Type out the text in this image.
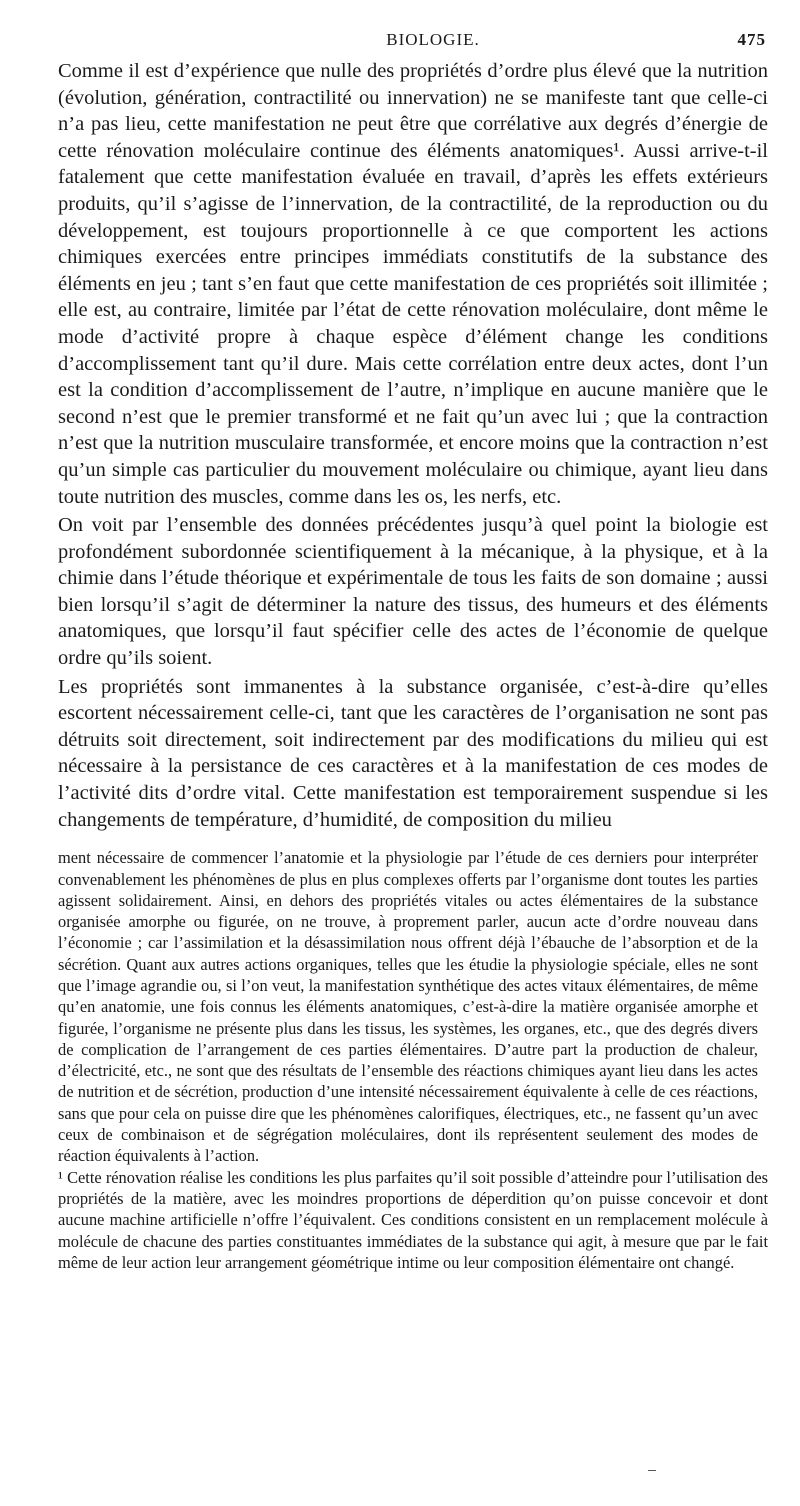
BIOLOGIE.	475

Comme il est d’expérience que nulle des propriétés d’ordre plus élevé que la nutrition (évolution, génération, contractilité ou innervation) ne se manifeste tant que celle-ci n’a pas lieu, cette manifestation ne peut être que corrélative aux degrés d’énergie de cette rénovation moléculaire continue des éléments anatomiques¹. Aussi arrive-t-il fatalement que cette manifestation évaluée en travail, d’après les effets extérieurs produits, qu’il s’agisse de l’innervation, de la contractilité, de la reproduction ou du développement, est toujours proportionnelle à ce que comportent les actions chimiques exercées entre principes immédiats constitutifs de la substance des éléments en jeu ; tant s’en faut que cette manifestation de ces propriétés soit illimitée ; elle est, au contraire, limitée par l’état de cette rénovation moléculaire, dont même le mode d’activité propre à chaque espèce d’élément change les conditions d’accomplissement tant qu’il dure. Mais cette corrélation entre deux actes, dont l’un est la condition d’accomplissement de l’autre, n’implique en aucune manière que le second n’est que le premier transformé et ne fait qu’un avec lui ; que la contraction n’est que la nutrition musculaire transformée, et encore moins que la contraction n’est qu’un simple cas particulier du mouvement moléculaire ou chimique, ayant lieu dans toute nutrition des muscles, comme dans les os, les nerfs, etc.

On voit par l’ensemble des données précédentes jusqu’à quel point la biologie est profondément subordonnée scientifiquement à la mécanique, à la physique, et à la chimie dans l’étude théorique et expérimentale de tous les faits de son domaine ; aussi bien lorsqu’il s’agit de déterminer la nature des tissus, des humeurs et des éléments anatomiques, que lorsqu’il faut spécifier celle des actes de l’économie de quelque ordre qu’ils soient.

Les propriétés sont immanentes à la substance organisée, c’est-à-dire qu’elles escortent nécessairement celle-ci, tant que les caractères de l’organisation ne sont pas détruits soit directement, soit indirectement par des modifications du milieu qui est nécessaire à la persistance de ces caractères et à la manifestation de ces modes de l’activité dits d’ordre vital. Cette manifestation est temporairement suspendue si les changements de température, d’humidité, de composition du milieu

ment nécessaire de commencer l’anatomie et la physiologie par l’étude de ces derniers pour interpréter convenablement les phénomènes de plus en plus complexes offerts par l’organisme dont toutes les parties agissent solidairement. Ainsi, en dehors des propriétés vitales ou actes élémentaires de la substance organisée amorphe ou figurée, on ne trouve, à proprement parler, aucun acte d’ordre nouveau dans l’économie ; car l’assimilation et la désassimilation nous offrent déjà l’ébauche de l’absorption et de la sécrétion. Quant aux autres actions organiques, telles que les étudie la physiologie spéciale, elles ne sont que l’image agrandie ou, si l’on veut, la manifestation synthétique des actes vitaux élémentaires, de même qu’en anatomie, une fois connus les éléments anatomiques, c’est-à-dire la matière organisée amorphe et figurée, l’organisme ne présente plus dans les tissus, les systèmes, les organes, etc., que des degrés divers de complication de l’arrangement de ces parties élémentaires. D’autre part la production de chaleur, d’électricité, etc., ne sont que des résultats de l’ensemble des réactions chimiques ayant lieu dans les actes de nutrition et de sécrétion, production d’une intensité nécessairement équivalente à celle de ces réactions, sans que pour cela on puisse dire que les phénomènes calorifiques, électriques, etc., ne fassent qu’un avec ceux de combinaison et de ségrégation moléculaires, dont ils représentent seulement des modes de réaction équivalents à l’action.

¹ Cette rénovation réalise les conditions les plus parfaites qu’il soit possible d’atteindre pour l’utilisation des propriétés de la matière, avec les moindres proportions de déperdition qu’on puisse concevoir et dont aucune machine artificielle n’offre l’équivalent. Ces conditions consistent en un remplacement molécule à molécule de chacune des parties constituantes immédiates de la substance qui agit, à mesure que par le fait même de leur action leur arrangement géométrique intime ou leur composition élémentaire ont changé.
